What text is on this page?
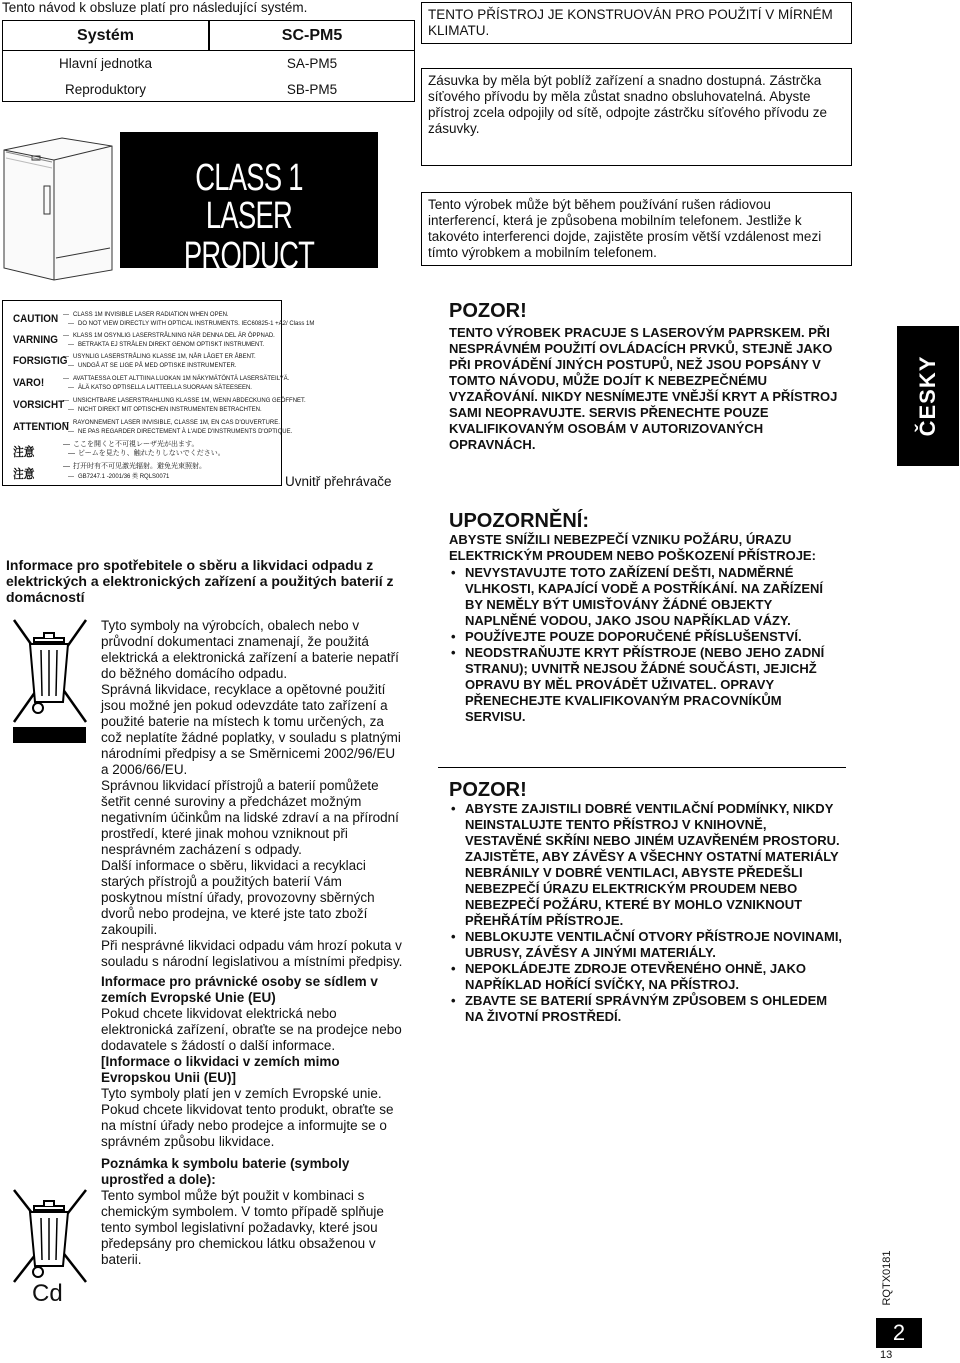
Tento návod k obsluze platí pro následující systém.
Systém	SC-PM5
Hlavní jednotka	SA-PM5
Reproduktory	SB-PM5
CLASS 1
LASER PRODUCT
TENTO PŘÍSTROJ JE KONSTRUOVÁN PRO POUŽITÍ V MÍRNÉM KLIMATU.
Zásuvka by měla být poblíž zařízení a snadno dostupná. Zástrčka síťového přívodu by měla zůstat snadno obsluhovatelná. Abyste přístroj zcela odpojily od sítě, odpojte zástrčku síťového přívodu ze zásuvky.
Tento výrobek může být během používání rušen rádiovou interferencí, která je způsobena mobilním telefonem. Jestliže k takovéto interferenci dojde, zajistěte prosím větší vzdálenost mezi tímto výrobkem a mobilním telefonem.
CAUTION — CLASS 1M INVISIBLE LASER RADIATION WHEN OPEN.
— DO NOT VIEW DIRECTLY WITH OPTICAL INSTRUMENTS. IEC60825-1 +A2/ Class 1M
VARNING	— KLASS 1M OSYNLIG LASERSTRÅLNING NÄR DENNA DEL ÄR ÖPPNAD.
— BETRAKTA EJ STRÅLEN DIREKT GENOM OPTISKT INSTRUMENT.
FORSIGTIG — USYNLIG LASERSTRÅLING KLASSE 1M, NÅR LÅGET ER ÅBENT.
— UNDGÅ AT SE LIGE PÅ MED OPTISKE INSTRUMENTER.
VARO!	— AVATTAESSA OLET ALTTIINA LUOKAN 1M NÄKYMÄTÖNTÄ LASERSÄTEILYÄ.
— ÄLÄ KATSO OPTISELLA LAITTEELLA SUORAAN SÄTEESEEN.
VORSICHT — UNSICHTBARE LASERSTRAHLUNG KLASSE 1M, WENN ABDECKUNG GEÖFFNET.
— NICHT DIREKT MIT OPTISCHEN INSTRUMENTEN BETRACHTEN.
ATTENTION — RAYONNEMENT LASER INVISIBLE, CLASSE 1M, EN CAS D'OUVERTURE.
— NE PAS REGARDER DIRECTEMENT À L'AIDE D'INSTRUMENTS D'OPTIQUE.
注意
— ここを開くと不可視レーザ光が出ます。
— ビームを見たり、触れたりしないでください。
注意
— 打开时有不可见激光辐射。避免光束照射。
— GB7247.1 -2001/36 类 RQLS0071	Uvnitř přehrávače
POZOR!
TENTO VÝROBEK PRACUJE S LASEROVÝM PAPRSKEM. PŘI NESPRÁVNÉM POUŽITÍ OVLÁDACÍCH PRVKŮ, STEJNĚ JAKO PŘI PROVÁDĚNÍ JINÝCH POSTUPŮ, NEŽ JSOU POPSÁNY V TOMTO NÁVODU, MŮŽE DOJÍT K NEBEZPEČNÉMU VYZAŘOVÁNÍ. NIKDY NESNÍMEJTE VNĚJŠÍ KRYT A PŘÍSTROJ SAMI NEOPRAVUJTE. SERVIS PŘENECHTE POUZE KVALIFIKOVANÝM OSOBÁM V AUTORIZOVANÝCH OPRAVNÁCH.
ČESKY
Informace pro spotřebitele o sběru a likvidaci odpadu z elektrických a elektronických zařízení a použitých baterií z domácností

Tyto symboly na výrobcích, obalech nebo v průvodní dokumentaci znamenají, že použitá elektrická a elektronická zařízení a baterie nepatří do běžného domácího odpadu.

Správná likvidace, recyklace a opětovné použití jsou možné jen pokud odevzdáte tato zařízení a použité baterie na místech k tomu určených, za což neplatíte žádné poplatky, v souladu s platnými národními předpisy a se Směrnicemi 2002/96/EU a 2006/66/EU.

Správnou likvidací přístrojů a baterií pomůžete šetřit cenné suroviny a předcházet možným negativním účinkům na lidské zdraví a na přírodní prostředí, které jinak mohou vzniknout při nesprávném zacházení s odpady.

Další informace o sběru, likvidaci a recyklaci starých přístrojů a použitých baterií Vám poskytnou místní úřady, provozovny sběrných dvorů nebo prodejna, ve které jste tato zboží zakoupili.

Při nesprávné likvidaci odpadu vám hrozí pokuta v souladu s národní legislativou a místními předpisy.

Informace pro právnické osoby se sídlem v zemích Evropské Unie (EU)

Pokud chcete likvidovat elektrická nebo elektronická zařízení, obraťte se na prodejce nebo dodavatele s žádostí o další informace.

[Informace o likvidaci v zemích mimo Evropskou Unii (EU)]

Tyto symboly platí jen v zemích Evropské unie. Pokud chcete likvidovat tento produkt, obraťte se na místní úřady nebo prodejce a informujte se o správném způsobu likvidace.

Poznámka k symbolu baterie (symboly uprostřed a dole):

Tento symbol může být použit v kombinaci s chemickým symbolem. V tomto případě splňuje tento symbol legislativní požadavky, které jsou předepsány pro chemickou látku obsaženou v baterii.

Cd
UPOZORNĚNÍ:
ABYSTE SNÍŽILI NEBEZPEČÍ VZNIKU POŽÁRU, ÚRAZU ELEKTRICKÝM PROUDEM NEBO POŠKOZENÍ PŘÍSTROJE:
• NEVYSTAVUJTE TOTO ZAŘÍZENÍ DEŠTI, NADMĚRNÉ VLHKOSTI, KAPAJÍCÍ VODĚ A POSTŘÍKÁNÍ. NA ZAŘÍZENÍ BY NEMĚLY BÝT UMISŤOVÁNY ŽÁDNÉ OBJEKTY NAPLNĚNÉ VODOU, JAKO JSOU NAPŘÍKLAD VÁZY.
• POUŽÍVEJTE POUZE DOPORUČENÉ PŘÍSLUŠENSTVÍ.
• NEODSTRAŇUJTE KRYT PŘÍSTROJE (NEBO JEHO ZADNÍ STRANU); UVNITŘ NEJSOU ŽÁDNÉ SOUČÁSTI, JEJICHŽ OPRAVU BY MĚL PROVÁDĚT UŽIVATEL. OPRAVY PŘENECHEJTE KVALIFIKOVANÝM PRACOVNÍKŮM SERVISU.
POZOR!
• ABYSTE ZAJISTILI DOBRÉ VENTILAČNÍ PODMÍNKY, NIKDY NEINSTALUJTE TENTO PŘÍSTROJ V KNIHOVNĚ, VESTAVĚNÉ SKŘÍNI NEBO JINÉM UZAVŘENÉM PROSTORU. ZAJISTĚTE, ABY ZÁVĚSY A VŠECHNY OSTATNÍ MATERIÁLY NEBRÁNILY V DOBRÉ VENTILACI, ABYSTE PŘEDEŠLI NEBEZPEČÍ ÚRAZU ELEKTRICKÝM PROUDEM NEBO NEBEZPEČÍ POŽÁRU, KTERÉ BY MOHLO VZNIKNOUT PŘEHŘÁTÍM PŘÍSTROJE.
• NEBLOKUJTE VENTILAČNÍ OTVORY PŘÍSTROJE NOVINAMI, UBRUSY, ZÁVĚSY A JINÝMI MATERIÁLY.
• NEPOKLÁDEJTE ZDROJE OTEVŘENÉHO OHNĚ, JAKO NAPŘÍKLAD HOŘÍCÍ SVÍČKY, NA PŘÍSTROJ.
• ZBAVTE SE BATERIÍ SPRÁVNÝM ZPŮSOBEM S OHLEDEM NA ŽIVOTNÍ PROSTŘEDÍ.
RQTX0181
2
13
